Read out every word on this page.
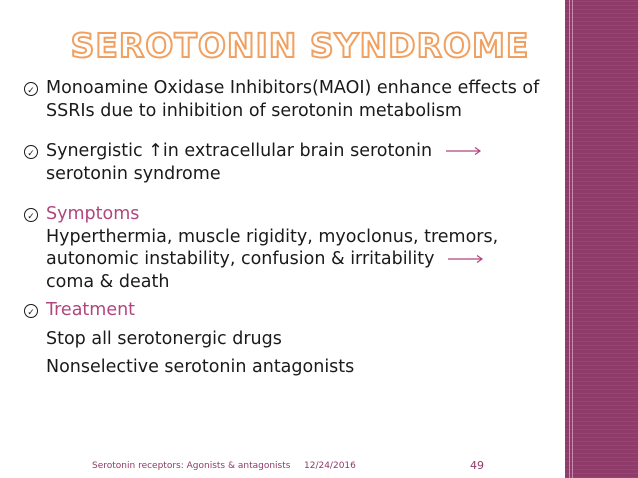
SEROTONIN SYNDROME
✓ Monoamine Oxidase Inhibitors(MAOI) enhance effects of SSRIs due to inhibition of serotonin metabolism
✓ Synergistic ↑in extracellular brain serotonin
serotonin syndrome
✓ Symptoms
Hyperthermia, muscle rigidity, myoclonus, tremors,
autonomic instability, confusion & irritability
coma & death
✓ Treatment
Stop all serotonergic drugs
Nonselective serotonin antagonists
Serotonin receptors: Agonists & antagonists 12/24/2016	49
